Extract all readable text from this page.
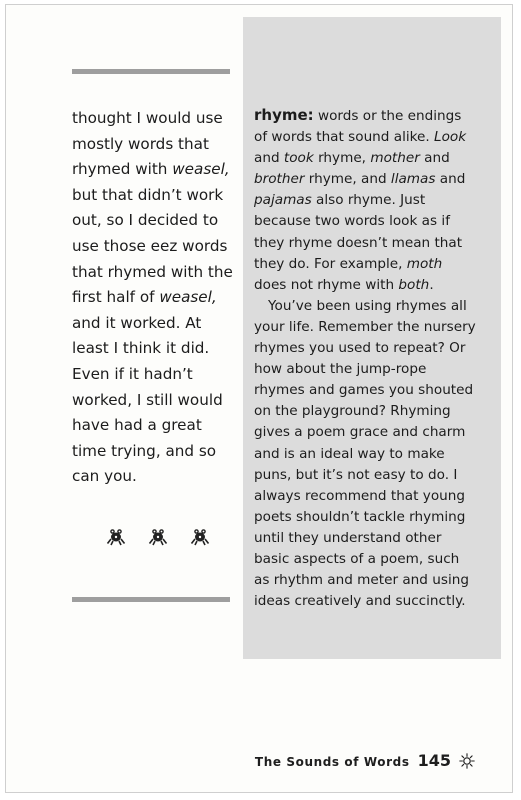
thought I would use
mostly words that
rhymed with weasel,
but that didn’t work
out, so I decided to
use those eez words
that rhymed with the
first half of weasel,
and it worked. At
least I think it did.
Even if it hadn’t
worked, I still would
have had a great
time trying, and so
can you.
rhyme: words or the endings
of words that sound alike. Look
and took rhyme, mother and
brother rhyme, and llamas and
pajamas also rhyme. Just
because two words look as if
they rhyme doesn’t mean that
they do. For example, moth
does not rhyme with both.
You’ve been using rhymes all
your life. Remember the nursery
rhymes you used to repeat? Or
how about the jump-rope
rhymes and games you shouted
on the playground? Rhyming
gives a poem grace and charm
and is an ideal way to make
puns, but it’s not easy to do. I
always recommend that young
poets shouldn’t tackle rhyming
until they understand other
basic aspects of a poem, such
as rhythm and meter and using
ideas creatively and succinctly.
The Sounds of Words 145
